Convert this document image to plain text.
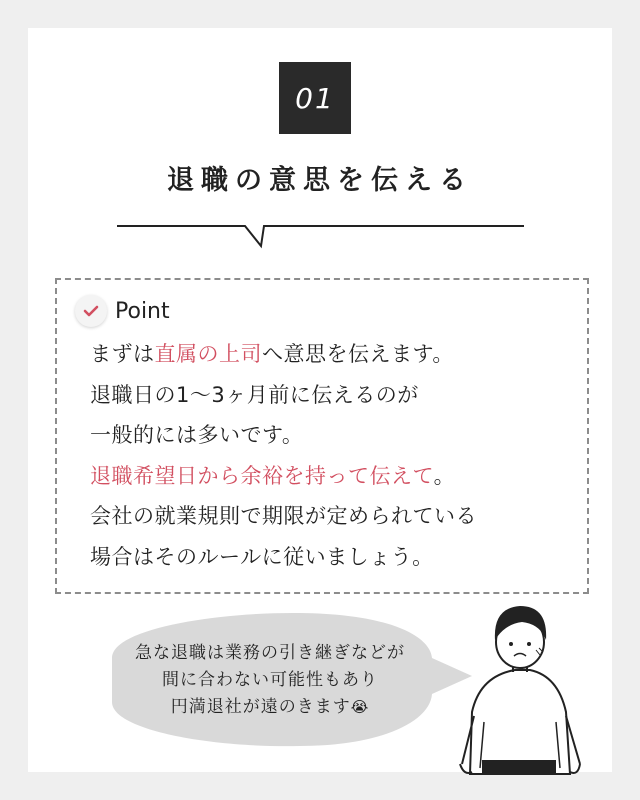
01
退職の意思を伝える
Point
まずは直属の上司へ意思を伝えます。
退職日の1〜3ヶ月前に伝えるのが
一般的には多いです。
退職希望日から余裕を持って伝えて。
会社の就業規則で期限が定められている
場合はそのルールに従いましょう。
急な退職は業務の引き継ぎなどが
間に合わない可能性もあり
円満退社が遠のきます😭
